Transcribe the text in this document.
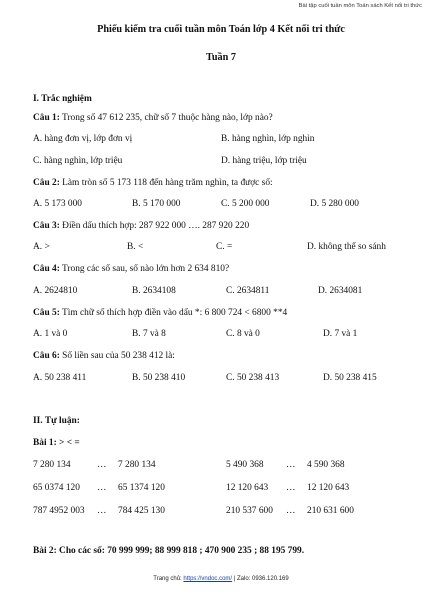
Bài tập cuối tuần môn Toán sách Kết nối tri thức
Phiếu kiểm tra cuối tuần môn Toán lớp 4 Kết nối tri thức
Tuần 7
I. Trắc nghiệm
Câu 1: Trong số 47 612 235, chữ số 7 thuộc hàng nào, lớp nào?
A. hàng đơn vị, lớp đơn vị	B. hàng nghìn, lớp nghìn
C. hàng nghìn, lớp triệu	D. hàng triệu, lớp triệu
Câu 2: Làm tròn số 5 173 118 đến hàng trăm nghìn, ta được số:
A. 5 173 000	B. 5 170 000	C. 5 200 000	D. 5 280 000
Câu 3: Điền dấu thích hợp: 287 922 000 …. 287 920 220
A. >	B. <	C. =	D. không thể so sánh
Câu 4: Trong các số sau, số nào lớn hơn 2 634 810?
A. 2624810	B. 2634108	C. 2634811	D. 2634081
Câu 5: Tìm chữ số thích hợp điền vào dấu *: 6 800 724 < 6800 **4
A. 1 và 0	B. 7 và 8	C. 8 và 0	D. 7 và 1
Câu 6: Số liền sau của 50 238 412 là:
A. 50 238 411	B. 50 238 410	C. 50 238 413	D. 50 238 415
II. Tự luận:
Bài 1: > < =
7 280 134	… 7 280 134	5 490 368 … 4 590 368
65 0374 120 … 65 1374 120	12 120 643 … 12 120 643
787 4952 003 … 784 425 130	210 537 600 … 210 631 600
Bài 2: Cho các số: 70 999 999; 88 999 818 ; 470 900 235 ; 88 195 799.
Trang chủ: https://vndoc.com/ | Zalo: 0936.120.169
